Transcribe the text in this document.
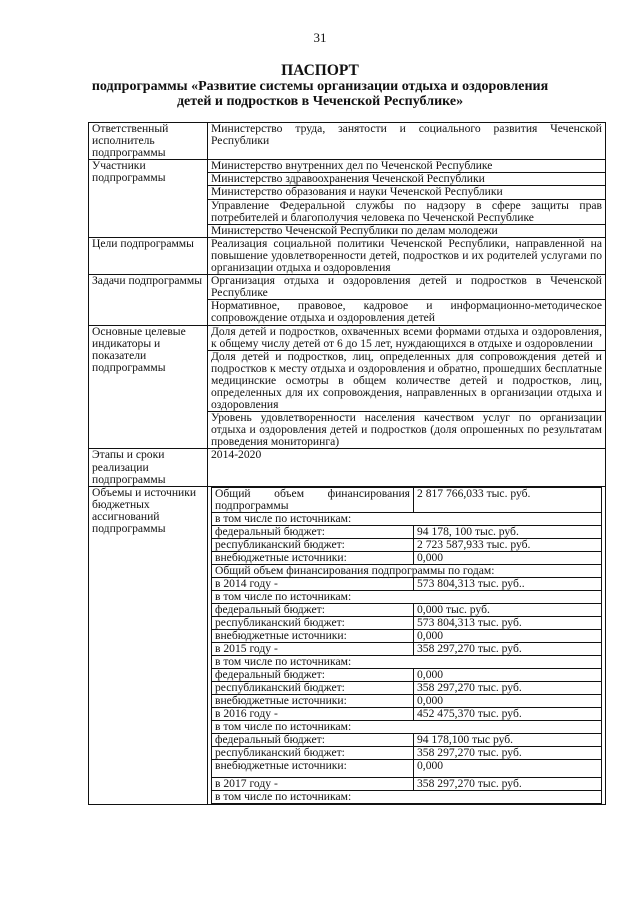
31
ПАСПОРТ
подпрограммы «Развитие системы организации отдыха и оздоровления
детей и подростков в Чеченской Республике»
Ответственный исполнитель подпрограммы	Министерство труда, занятости и социального развития Чеченской Республики
Участники подпрограммы	Министерство внутренних дел по Чеченской Республике
Министерство здравоохранения Чеченской Республики
Министерство образования и науки Чеченской Республики
Управление Федеральной службы по надзору в сфере защиты прав потребителей и благополучия человека по Чеченской Республике
Министерство Чеченской Республики по делам молодежи
Цели подпрограммы	Реализация социальной политики Чеченской Республики, направленной на повышение удовлетворенности детей, подростков и их родителей услугами по организации отдыха и оздоровления
Задачи подпрограммы	Организация отдыха и оздоровления детей и подростков в Чеченской Республике
Нормативное, правовое, кадровое и информационно-методическое сопровождение отдыха и оздоровления детей
Основные целевые индикаторы и показатели подпрограммы	Доля детей и подростков, охваченных всеми формами отдыха и оздоровления, к общему числу детей от 6 до 15 лет, нуждающихся в отдыхе и оздоровлении
Доля детей и подростков, лиц, определенных для сопровождения детей и подростков к месту отдыха и оздоровления и обратно, прошедших бесплатные медицинские осмотры в общем количестве детей и подростков, лиц, определенных для их сопровождения, направленных в организации отдыха и оздоровления
Уровень удовлетворенности населения качеством услуг по организации отдыха и оздоровления детей и подростков (доля опрошенных по результатам проведения мониторинга)
Этапы и сроки реализации подпрограммы	2014-2020
Объемы и источники бюджетных ассигнований подпрограммы	
Общий объем финансирования подпрограммы	2 817 766,033 тыс. руб.
в том числе по источникам:
федеральный бюджет:	94 178, 100 тыс. руб.
республиканский бюджет:	2 723 587,933 тыс. руб.
внебюджетные источники:	0,000
Общий объем финансирования подпрограммы по годам:
в 2014 году -	573 804,313 тыс. руб..
в том числе по источникам:
федеральный бюджет:	0,000 тыс. руб.
республиканский бюджет:	573 804,313 тыс. руб.
внебюджетные источники:	0,000
в 2015 году -	358 297,270 тыс. руб.
в том числе по источникам:
федеральный бюджет:	0,000
республиканский бюджет:	358 297,270 тыс. руб.
внебюджетные источники:	0,000
в 2016 году -	452 475,370 тыс. руб.
в том числе по источникам:
федеральный бюджет:	94 178,100 тыс руб.
республиканский бюджет:	358 297,270 тыс. руб.
внебюджетные источники:	0,000
в 2017 году -	358 297,270 тыс. руб.
в том числе по источникам:
